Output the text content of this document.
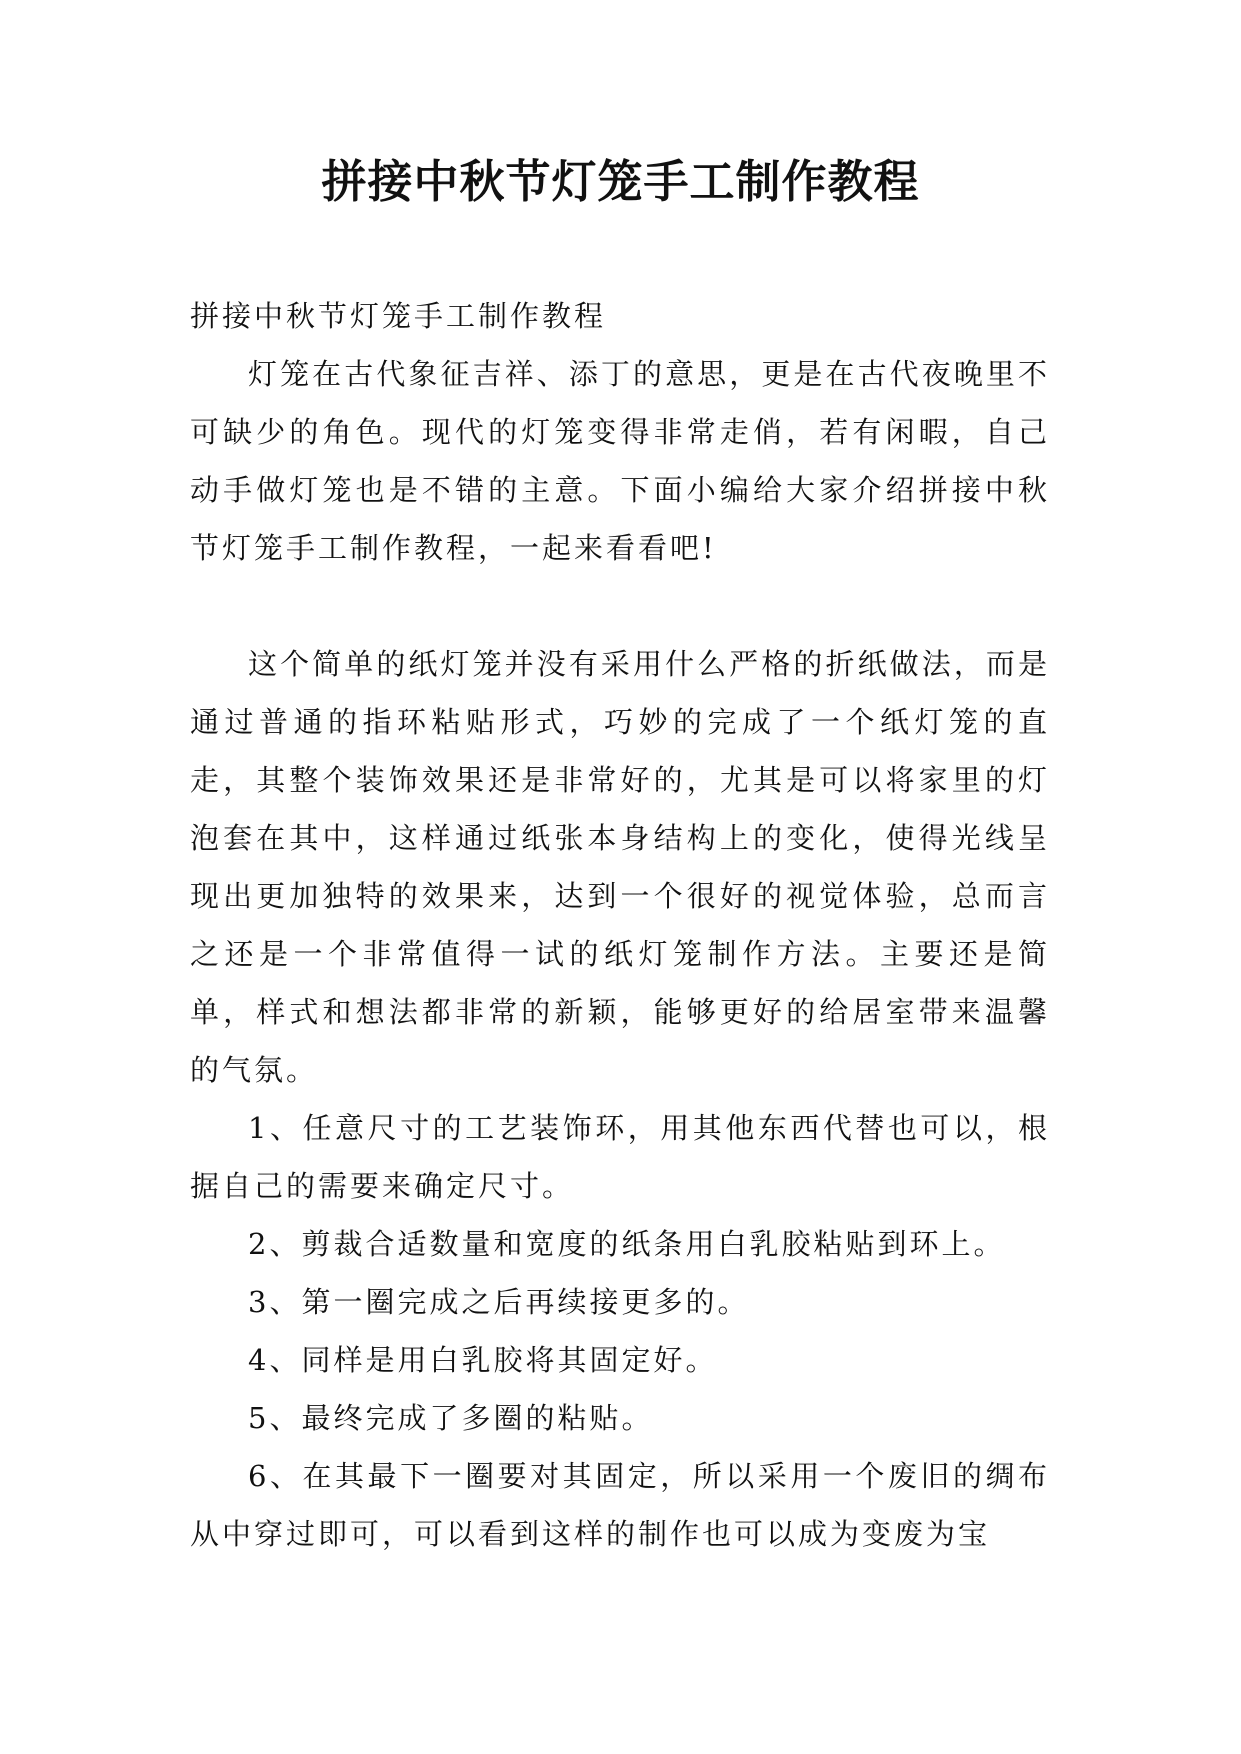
拼接中秋节灯笼手工制作教程

拼接中秋节灯笼手工制作教程

灯笼在古代象征吉祥、添丁的意思，更是在古代夜晚里不可缺少的角色。现代的灯笼变得非常走俏，若有闲暇，自己动手做灯笼也是不错的主意。下面小编给大家介绍拼接中秋节灯笼手工制作教程，一起来看看吧!

这个简单的纸灯笼并没有采用什么严格的折纸做法，而是通过普通的指环粘贴形式，巧妙的完成了一个纸灯笼的直走，其整个装饰效果还是非常好的，尤其是可以将家里的灯泡套在其中，这样通过纸张本身结构上的变化，使得光线呈现出更加独特的效果来，达到一个很好的视觉体验，总而言之还是一个非常值得一试的纸灯笼制作方法。主要还是简单，样式和想法都非常的新颖，能够更好的给居室带来温馨的气氛。

1、任意尺寸的工艺装饰环，用其他东西代替也可以，根据自己的需要来确定尺寸。

2、剪裁合适数量和宽度的纸条用白乳胶粘贴到环上。

3、第一圈完成之后再续接更多的。

4、同样是用白乳胶将其固定好。

5、最终完成了多圈的粘贴。

6、在其最下一圈要对其固定，所以采用一个废旧的绸布从中穿过即可，可以看到这样的制作也可以成为变废为宝
